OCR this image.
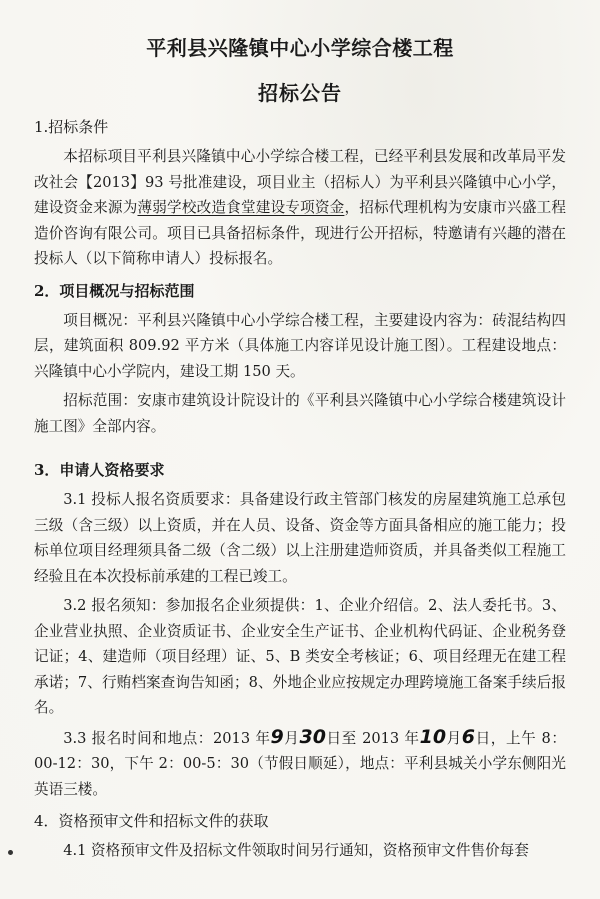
平利县兴隆镇中心小学综合楼工程
招标公告
1.招标条件

本招标项目平利县兴隆镇中心小学综合楼工程，已经平利县发展和改革局平发改社会【2013】93 号批准建设，项目业主（招标人）为平利县兴隆镇中心小学，建设资金来源为薄弱学校改造食堂建设专项资金，招标代理机构为安康市兴盛工程造价咨询有限公司。项目已具备招标条件，现进行公开招标，特邀请有兴趣的潜在投标人（以下简称申请人）投标报名。

2．项目概况与招标范围

项目概况：平利县兴隆镇中心小学综合楼工程，主要建设内容为：砖混结构四层，建筑面积 809.92 平方米（具体施工内容详见设计施工图）。工程建设地点：兴隆镇中心小学院内，建设工期 150 天。

招标范围：安康市建筑设计院设计的《平利县兴隆镇中心小学综合楼建筑设计施工图》全部内容。

3．申请人资格要求

3.1 投标人报名资质要求：具备建设行政主管部门核发的房屋建筑施工总承包三级（含三级）以上资质，并在人员、设备、资金等方面具备相应的施工能力；投标单位项目经理须具备二级（含二级）以上注册建造师资质，并具备类似工程施工经验且在本次投标前承建的工程已竣工。

3.2 报名须知：参加报名企业须提供：1、企业介绍信。2、法人委托书。3、企业营业执照、企业资质证书、企业安全生产证书、企业机构代码证、企业税务登记证；4、建造师（项目经理）证、5、B 类安全考核证；6、项目经理无在建工程承诺；7、行贿档案查询告知函；8、外地企业应按规定办理跨境施工备案手续后报名。

3.3 报名时间和地点：2013 年9月30日至 2013 年10月6日，上午 8：00-12：30，下午 2：00-5：30（节假日顺延），地点：平利县城关小学东侧阳光英语三楼。

4．资格预审文件和招标文件的获取

4.1 资格预审文件及招标文件领取时间另行通知，资格预审文件售价每套
